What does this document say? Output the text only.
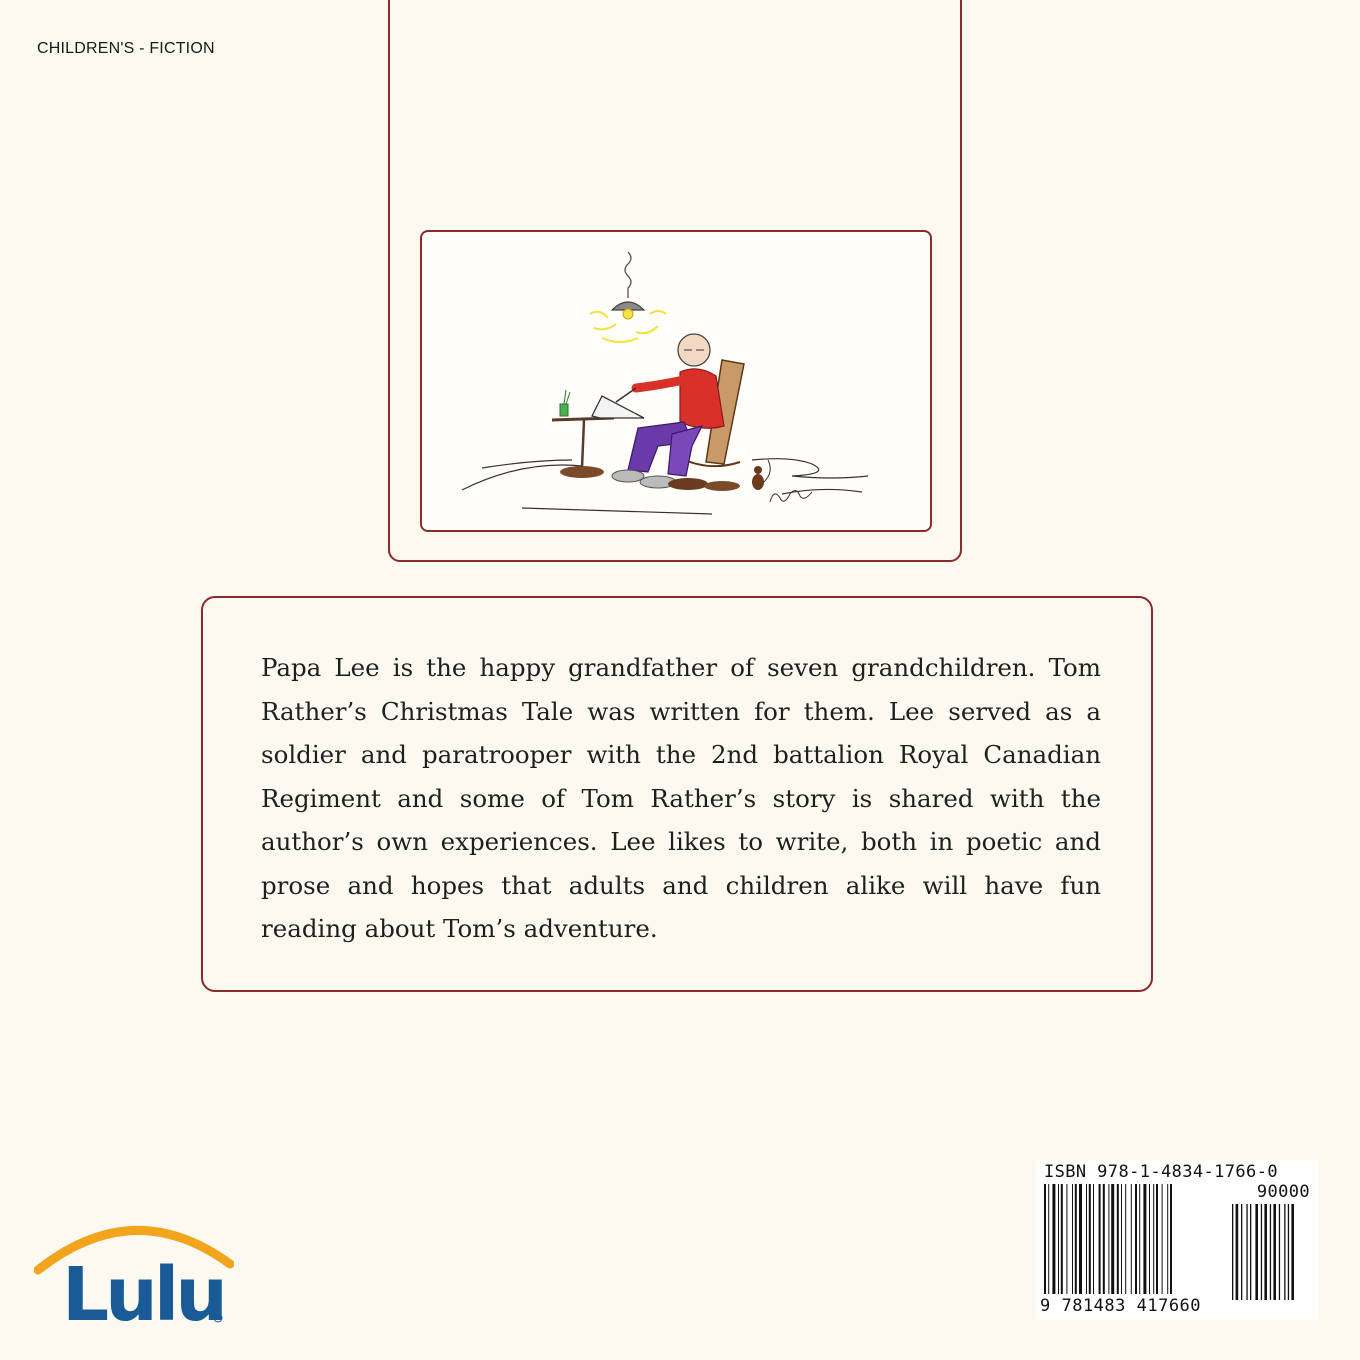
CHILDREN'S - FICTION

Papa Lee is the happy grandfather of seven grandchildren. Tom Rather’s Christmas Tale was written for them. Lee served as a soldier and paratrooper with the 2nd battalion Royal Canadian Regiment and some of Tom Rather’s story is shared with the author’s own experiences. Lee likes to write, both in poetic and prose and hopes that adults and children alike will have fun reading about Tom’s adventure.

Lulu
ISBN 978-1-4834-1766-0
90000
9 781483 417660
